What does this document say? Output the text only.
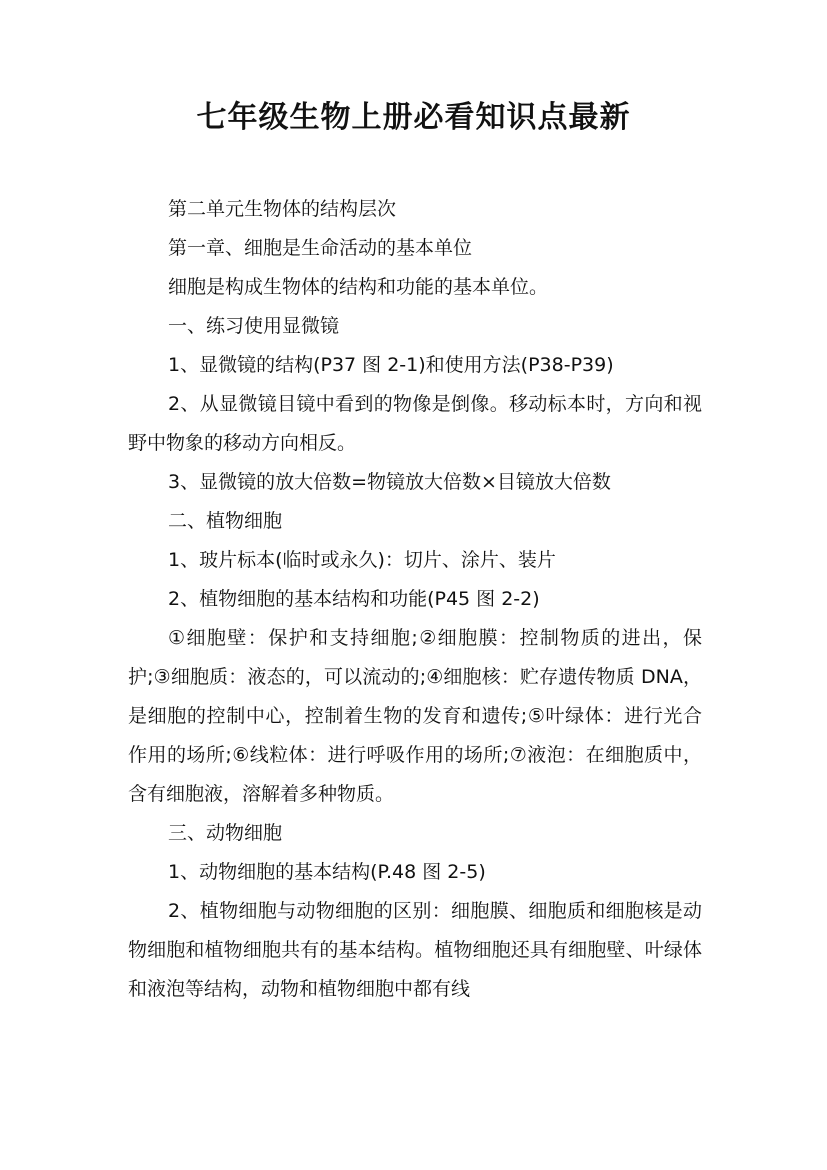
七年级生物上册必看知识点最新

第二单元生物体的结构层次

第一章、细胞是生命活动的基本单位

细胞是构成生物体的结构和功能的基本单位。

一、练习使用显微镜

1、显微镜的结构(P37 图 2-1)和使用方法(P38-P39)

2、从显微镜目镜中看到的物像是倒像。移动标本时，方向和视野中物象的移动方向相反。

3、显微镜的放大倍数=物镜放大倍数×目镜放大倍数

二、植物细胞

1、玻片标本(临时或永久)：切片、涂片、装片

2、植物细胞的基本结构和功能(P45 图 2-2)

①细胞壁：保护和支持细胞;②细胞膜：控制物质的进出，保护;③细胞质：液态的，可以流动的;④细胞核：贮存遗传物质 DNA，是细胞的控制中心，控制着生物的发育和遗传;⑤叶绿体：进行光合作用的场所;⑥线粒体：进行呼吸作用的场所;⑦液泡：在细胞质中，含有细胞液，溶解着多种物质。

三、动物细胞

1、动物细胞的基本结构(P.48 图 2-5)

2、植物细胞与动物细胞的区别：细胞膜、细胞质和细胞核是动物细胞和植物细胞共有的基本结构。植物细胞还具有细胞壁、叶绿体和液泡等结构，动物和植物细胞中都有线
